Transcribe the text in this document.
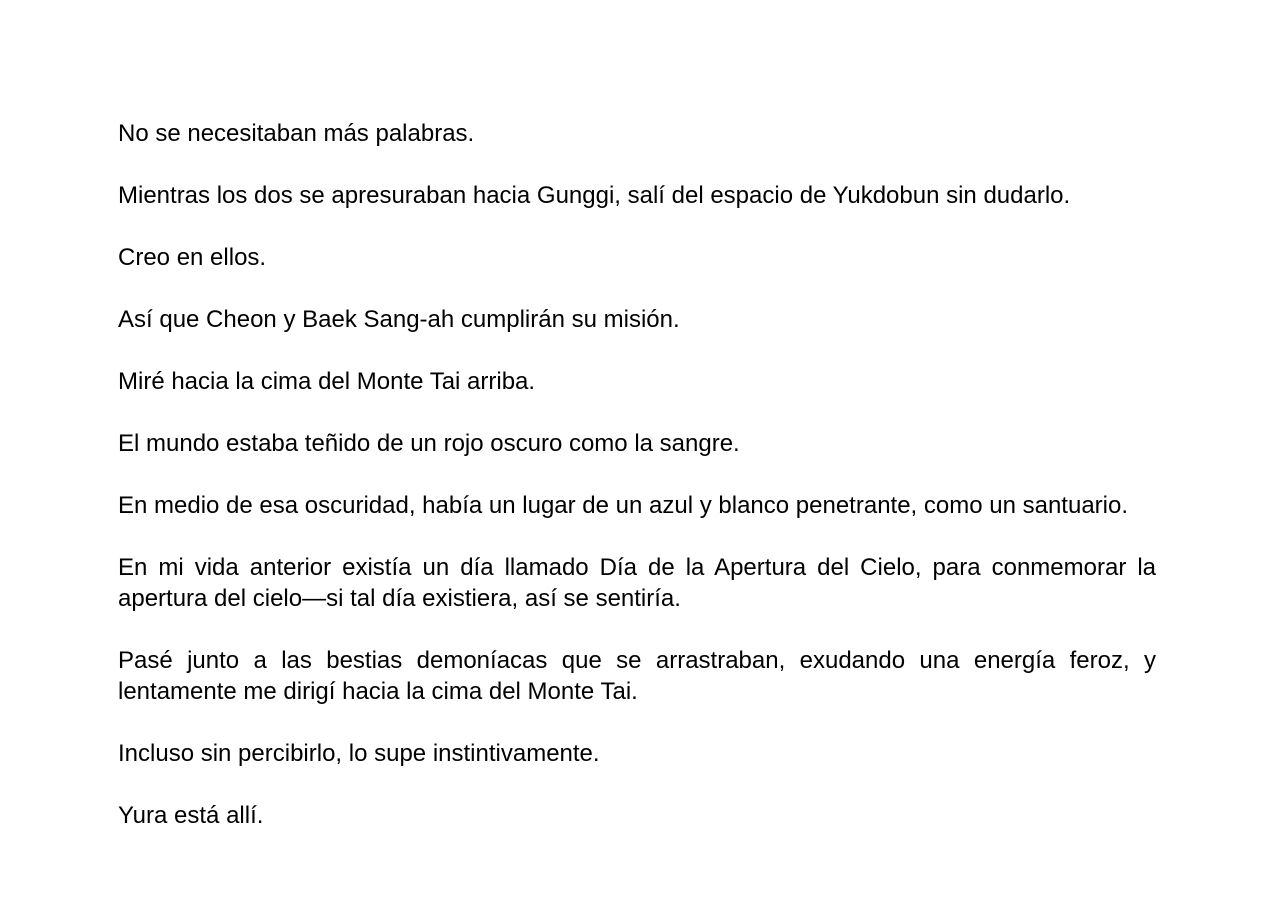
No se necesitaban más palabras.

Mientras los dos se apresuraban hacia Gunggi, salí del espacio de Yukdobun sin dudarlo.

Creo en ellos.

Así que Cheon y Baek Sang-ah cumplirán su misión.

Miré hacia la cima del Monte Tai arriba.

El mundo estaba teñido de un rojo oscuro como la sangre.

En medio de esa oscuridad, había un lugar de un azul y blanco penetrante, como un santuario.

En mi vida anterior existía un día llamado Día de la Apertura del Cielo, para conmemorar la apertura del cielo—si tal día existiera, así se sentiría.

Pasé junto a las bestias demoníacas que se arrastraban, exudando una energía feroz, y lentamente me dirigí hacia la cima del Monte Tai.

Incluso sin percibirlo, lo supe instintivamente.

Yura está allí.
